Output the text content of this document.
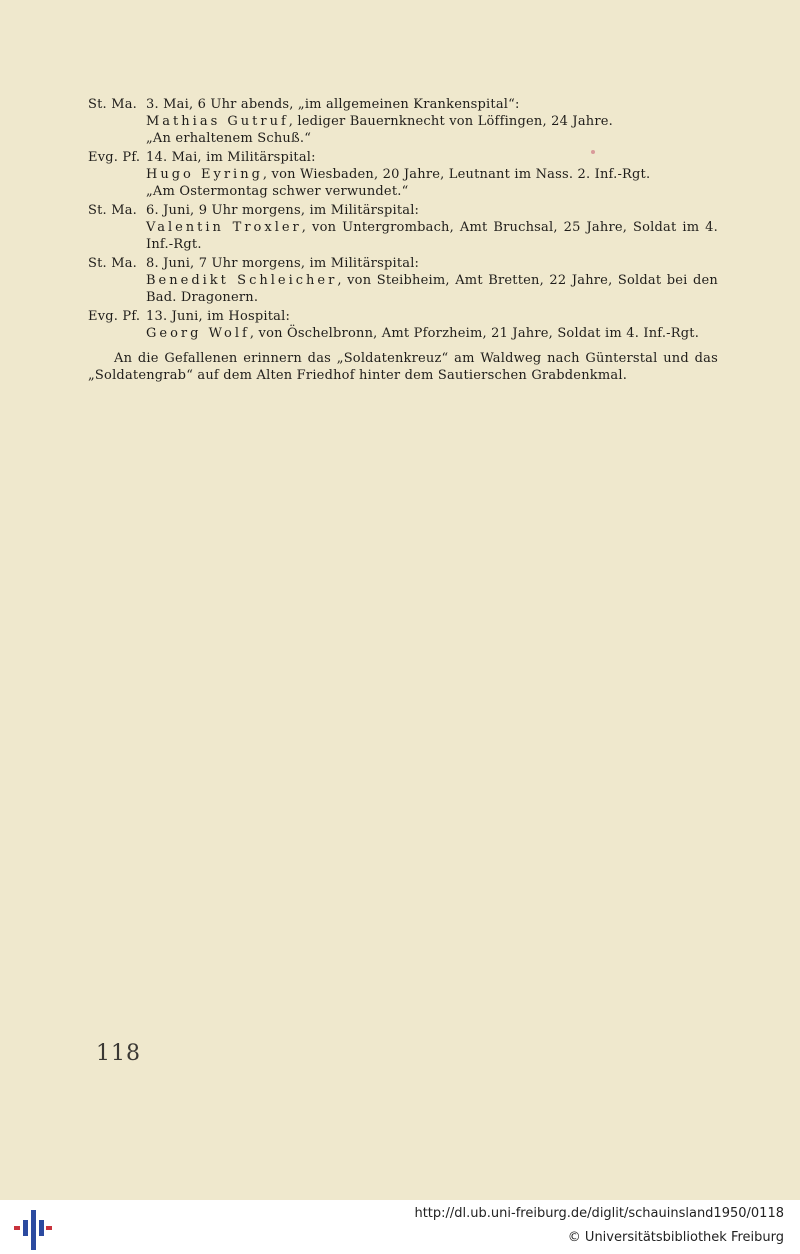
St. Ma. 3. Mai, 6 Uhr abends, „im allgemeinen Krankenspital“:
Mathias Gutruf, lediger Bauernknecht von Löffingen, 24 Jahre.
„An erhaltenem Schuß.“
Evg. Pf. 14. Mai, im Militärspital:
Hugo Eyring, von Wiesbaden, 20 Jahre, Leutnant im Nass. 2. Inf.-Rgt.
„Am Ostermontag schwer verwundet.“
St. Ma. 6. Juni, 9 Uhr morgens, im Militärspital:
Valentin Troxler, von Untergrombach, Amt Bruchsal, 25 Jahre, Soldat im 4. Inf.-Rgt.
St. Ma. 8. Juni, 7 Uhr morgens, im Militärspital:
Benedikt Schleicher, von Steibheim, Amt Bretten, 22 Jahre, Soldat bei den Bad. Dragonern.
Evg. Pf. 13. Juni, im Hospital:
Georg Wolf, von Öschelbronn, Amt Pforzheim, 21 Jahre, Soldat im 4. Inf.-Rgt.

An die Gefallenen erinnern das „Soldatenkreuz“ am Waldweg nach Günterstal und das „Soldatengrab“ auf dem Alten Friedhof hinter dem Sautierschen Grabdenkmal.

118
http://dl.ub.uni-freiburg.de/diglit/schauinsland1950/0118
© Universitätsbibliothek Freiburg
